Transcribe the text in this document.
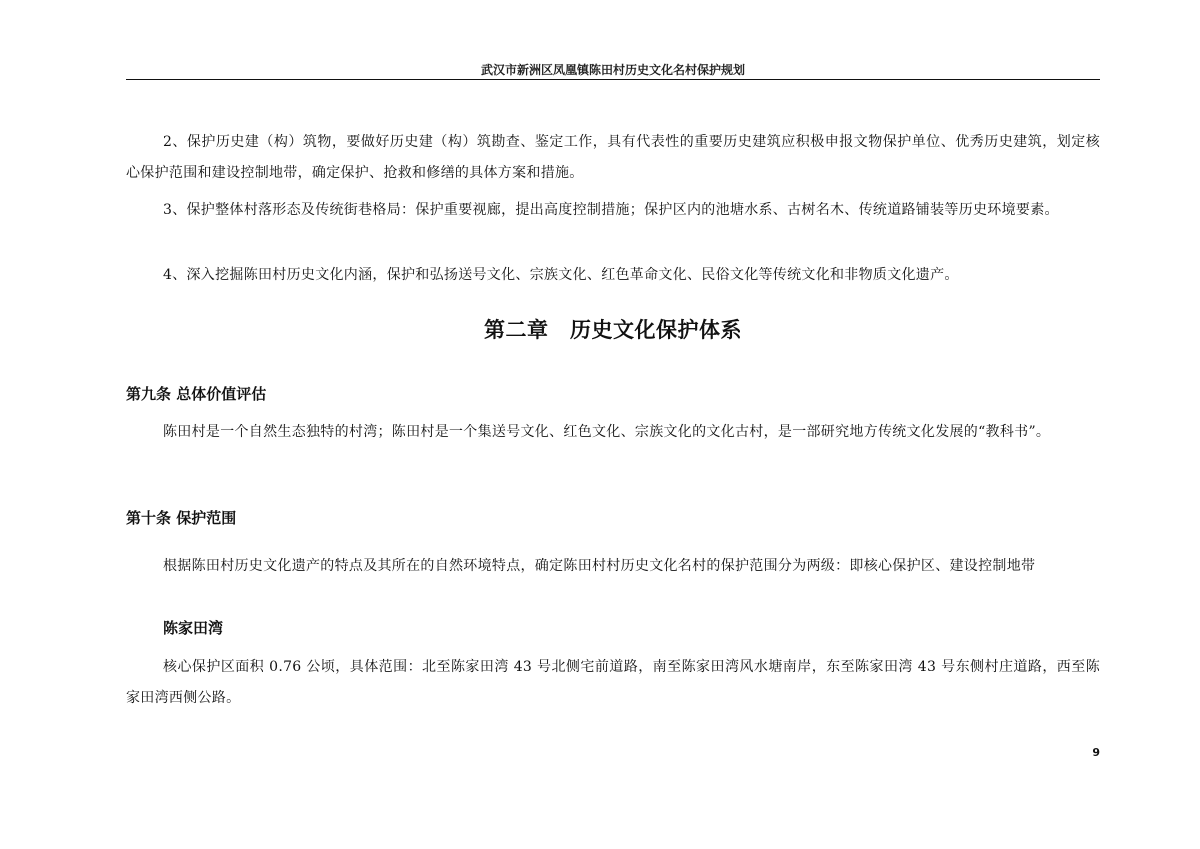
武汉市新洲区凤凰镇陈田村历史文化名村保护规划

2、保护历史建（构）筑物，要做好历史建（构）筑勘查、鉴定工作，具有代表性的重要历史建筑应积极申报文物保护单位、优秀历史建筑，划定核心保护范围和建设控制地带，确定保护、抢救和修缮的具体方案和措施。

3、保护整体村落形态及传统街巷格局：保护重要视廊，提出高度控制措施；保护区内的池塘水系、古树名木、传统道路铺装等历史环境要素。

4、深入挖掘陈田村历史文化内涵，保护和弘扬送号文化、宗族文化、红色革命文化、民俗文化等传统文化和非物质文化遗产。

第二章　历史文化保护体系
第九条 总体价值评估

陈田村是一个自然生态独特的村湾；陈田村是一个集送号文化、红色文化、宗族文化的文化古村，是一部研究地方传统文化发展的“教科书”。

第十条 保护范围

根据陈田村历史文化遗产的特点及其所在的自然环境特点，确定陈田村村历史文化名村的保护范围分为两级：即核心保护区、建设控制地带

陈家田湾

核心保护区面积 0.76 公顷，具体范围：北至陈家田湾 43 号北侧宅前道路，南至陈家田湾风水塘南岸，东至陈家田湾 43 号东侧村庄道路，西至陈家田湾西侧公路。

9
